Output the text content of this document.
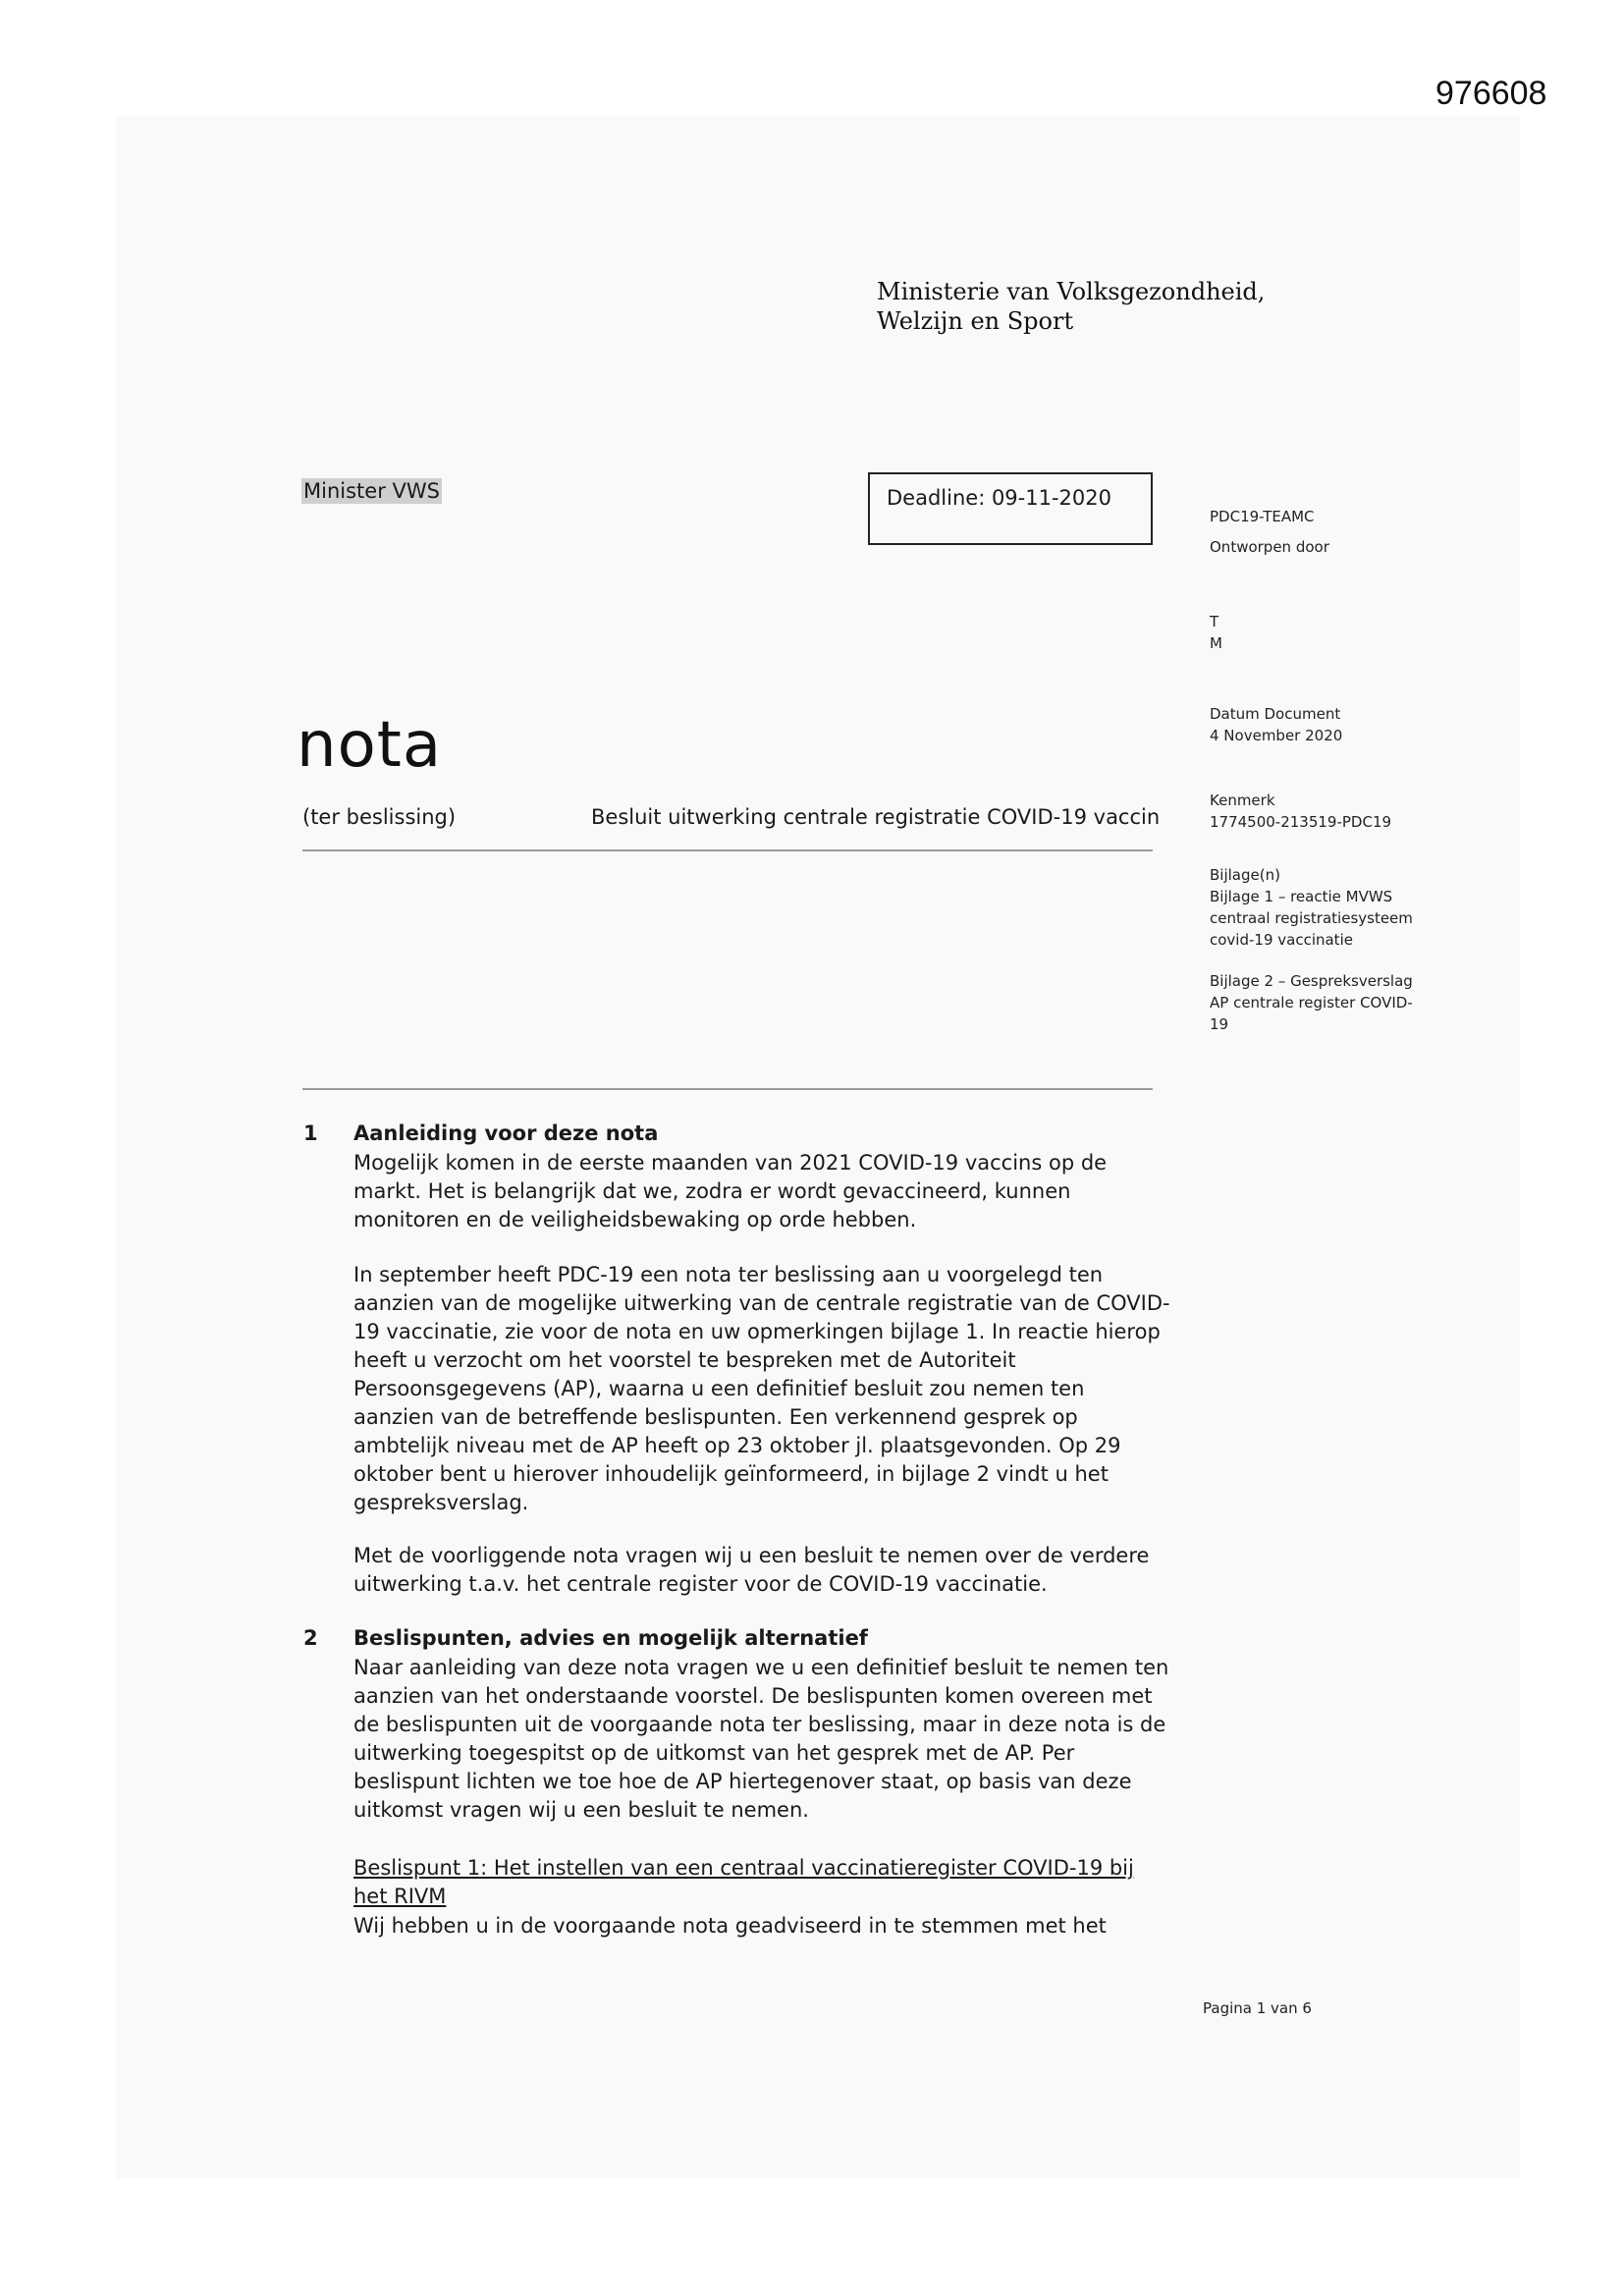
976608
Ministerie van Volksgezondheid,
Welzijn en Sport
Minister VWS	Deadline: 09-11-2020
PDC19-TEAMC
Ontworpen door
T
M
Datum Document
4 November 2020
Kenmerk
1774500-213519-PDC19
Bijlage(n)
Bijlage 1 – reactie MVWS
centraal registratiesysteem
covid-19 vaccinatie
Bijlage 2 – Gespreksverslag
AP centrale register COVID-
19
nota
(ter beslissing)	Besluit uitwerking centrale registratie COVID-19 vaccin
1 Aanleiding voor deze nota
Mogelijk komen in de eerste maanden van 2021 COVID-19 vaccins op de
markt. Het is belangrijk dat we, zodra er wordt gevaccineerd, kunnen
monitoren en de veiligheidsbewaking op orde hebben.
In september heeft PDC-19 een nota ter beslissing aan u voorgelegd ten
aanzien van de mogelijke uitwerking van de centrale registratie van de COVID-
19 vaccinatie, zie voor de nota en uw opmerkingen bijlage 1. In reactie hierop
heeft u verzocht om het voorstel te bespreken met de Autoriteit
Persoonsgegevens (AP), waarna u een definitief besluit zou nemen ten
aanzien van de betreffende beslispunten. Een verkennend gesprek op
ambtelijk niveau met de AP heeft op 23 oktober jl. plaatsgevonden. Op 29
oktober bent u hierover inhoudelijk geïnformeerd, in bijlage 2 vindt u het
gespreksverslag.
Met de voorliggende nota vragen wij u een besluit te nemen over de verdere
uitwerking t.a.v. het centrale register voor de COVID-19 vaccinatie.
2 Beslispunten, advies en mogelijk alternatief
Naar aanleiding van deze nota vragen we u een definitief besluit te nemen ten
aanzien van het onderstaande voorstel. De beslispunten komen overeen met
de beslispunten uit de voorgaande nota ter beslissing, maar in deze nota is de
uitwerking toegespitst op de uitkomst van het gesprek met de AP. Per
beslispunt lichten we toe hoe de AP hiertegenover staat, op basis van deze
uitkomst vragen wij u een besluit te nemen.
Beslispunt 1: Het instellen van een centraal vaccinatieregister COVID-19 bij
het RIVM
Wij hebben u in de voorgaande nota geadviseerd in te stemmen met het
Pagina 1 van 6
